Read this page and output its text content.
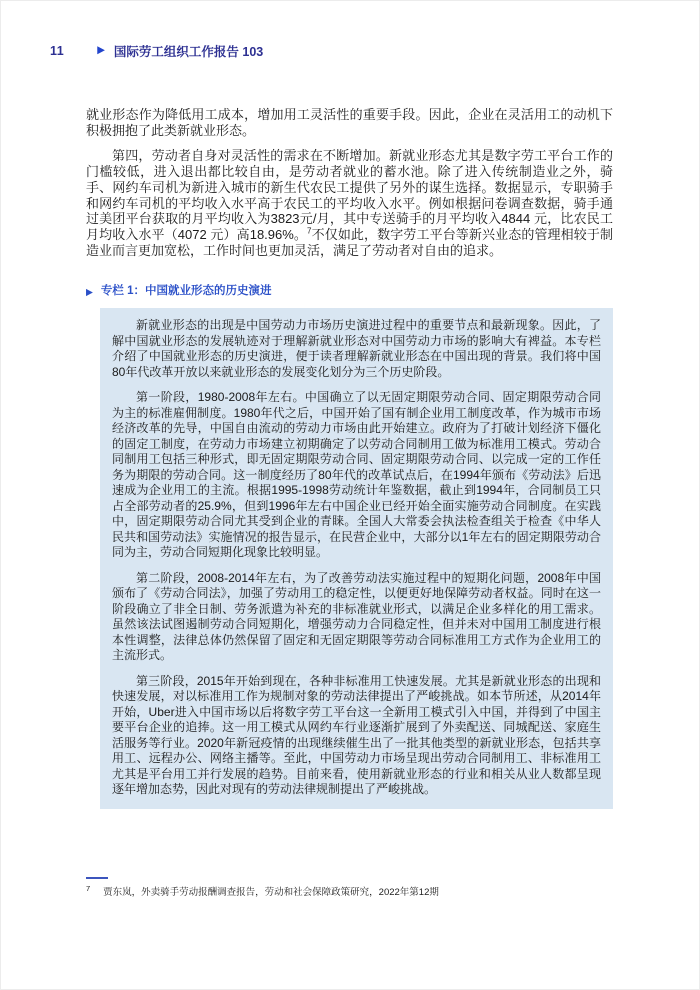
11	▶ 国际劳工组织工作报告 103

就业形态作为降低用工成本，增加用工灵活性的重要手段。因此，企业在灵活用工的动机下积极拥抱了此类新就业形态。

第四，劳动者自身对灵活性的需求在不断增加。新就业形态尤其是数字劳工平台工作的门槛较低，进入退出都比较自由，是劳动者就业的蓄水池。除了进入传统制造业之外，骑手、网约车司机为新进入城市的新生代农民工提供了另外的谋生选择。数据显示，专职骑手和网约车司机的平均收入水平高于农民工的平均收入水平。例如根据问卷调查数据，骑手通过美团平台获取的月平均收入为3823元/月，其中专送骑手的月平均收入4844 元，比农民工月均收入水平（4072 元）高18.96%。$^7$不仅如此，数字劳工平台等新兴业态的管理相较于制造业而言更加宽松，工作时间也更加灵活，满足了劳动者对自由的追求。

▶ 专栏 1：中国就业形态的历史演进

新就业形态的出现是中国劳动力市场历史演进过程中的重要节点和最新现象。因此，了解中国就业形态的发展轨迹对于理解新就业形态对中国劳动力市场的影响大有裨益。本专栏介绍了中国就业形态的历史演进，便于读者理解新就业形态在中国出现的背景。我们将中国80年代改革开放以来就业形态的发展变化划分为三个历史阶段。

第一阶段，1980-2008年左右。中国确立了以无固定期限劳动合同、固定期限劳动合同为主的标准雇佣制度。1980年代之后，中国开始了国有制企业用工制度改革，作为城市市场经济改革的先导，中国自由流动的劳动力市场由此开始建立。政府为了打破计划经济下僵化的固定工制度，在劳动力市场建立初期确定了以劳动合同制用工做为标准用工模式。劳动合同制用工包括三种形式，即无固定期限劳动合同、固定期限劳动合同、以完成一定的工作任务为期限的劳动合同。这一制度经历了80年代的改革试点后，在1994年颁布《劳动法》后迅速成为企业用工的主流。根据1995-1998劳动统计年鉴数据，截止到1994年，合同制员工只占全部劳动者的25.9%，但到1996年左右中国企业已经开始全面实施劳动合同制度。在实践中，固定期限劳动合同尤其受到企业的青睐。全国人大常委会执法检查组关于检查《中华人民共和国劳动法》实施情况的报告显示，在民营企业中，大部分以1年左右的固定期限劳动合同为主，劳动合同短期化现象比较明显。

第二阶段，2008-2014年左右，为了改善劳动法实施过程中的短期化问题，2008年中国颁布了《劳动合同法》，加强了劳动用工的稳定性，以便更好地保障劳动者权益。同时在这一阶段确立了非全日制、劳务派遣为补充的非标准就业形式，以满足企业多样化的用工需求。虽然该法试图遏制劳动合同短期化，增强劳动力合同稳定性，但并未对中国用工制度进行根本性调整，法律总体仍然保留了固定和无固定期限等劳动合同标准用工方式作为企业用工的主流形式。

第三阶段，2015年开始到现在，各种非标准用工快速发展。尤其是新就业形态的出现和快速发展，对以标准用工作为规制对象的劳动法律提出了严峻挑战。如本节所述，从2014年开始，Uber进入中国市场以后将数字劳工平台这一全新用工模式引入中国，并得到了中国主要平台企业的追捧。这一用工模式从网约车行业逐渐扩展到了外卖配送、同城配送、家庭生活服务等行业。2020年新冠疫情的出现继续催生出了一批其他类型的新就业形态，包括共享用工、远程办公、网络主播等。至此，中国劳动力市场呈现出劳动合同制用工、非标准用工尤其是平台用工并行发展的趋势。目前来看，使用新就业形态的行业和相关从业人数都呈现逐年增加态势，因此对现有的劳动法律规制提出了严峻挑战。

$^7$ 贾东岚，外卖骑手劳动报酬调查报告，劳动和社会保障政策研究，2022年第12期
